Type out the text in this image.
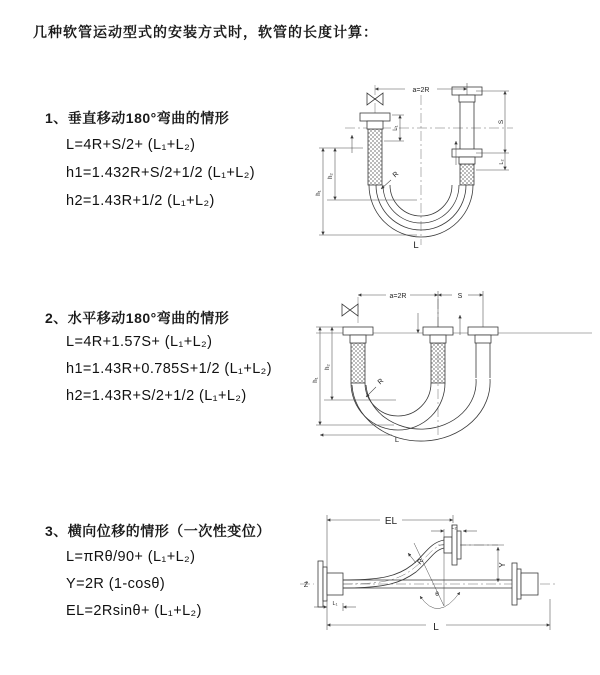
几种软管运动型式的安装方式时，软管的长度计算：
1、垂直移动180°弯曲的情形
L=4R+S/2+ (L₁+L₂)
h1=1.432R+S/2+1/2 (L₁+L₂)
h2=1.43R+1/2 (L₁+L₂)
a=2R
L₁
S
L₂
h₁
h₂	R
L
2、水平移动180°弯曲的情形
L=4R+1.57S+ (L₁+L₂)
h1=1.43R+0.785S+1/2 (L₁+L₂)
h2=1.43R+S/2+1/2 (L₁+L₂)
a=2R	S
h₁
h₂
R
L
3、横向位移的情形（一次性变位）
L=πRθ/90+ (L₁+L₂)
Y=2R (1-cosθ)
EL=2Rsinθ+ (L₁+L₂)
EL
L₂
Y
θ
R
Z̄
L₁
L
